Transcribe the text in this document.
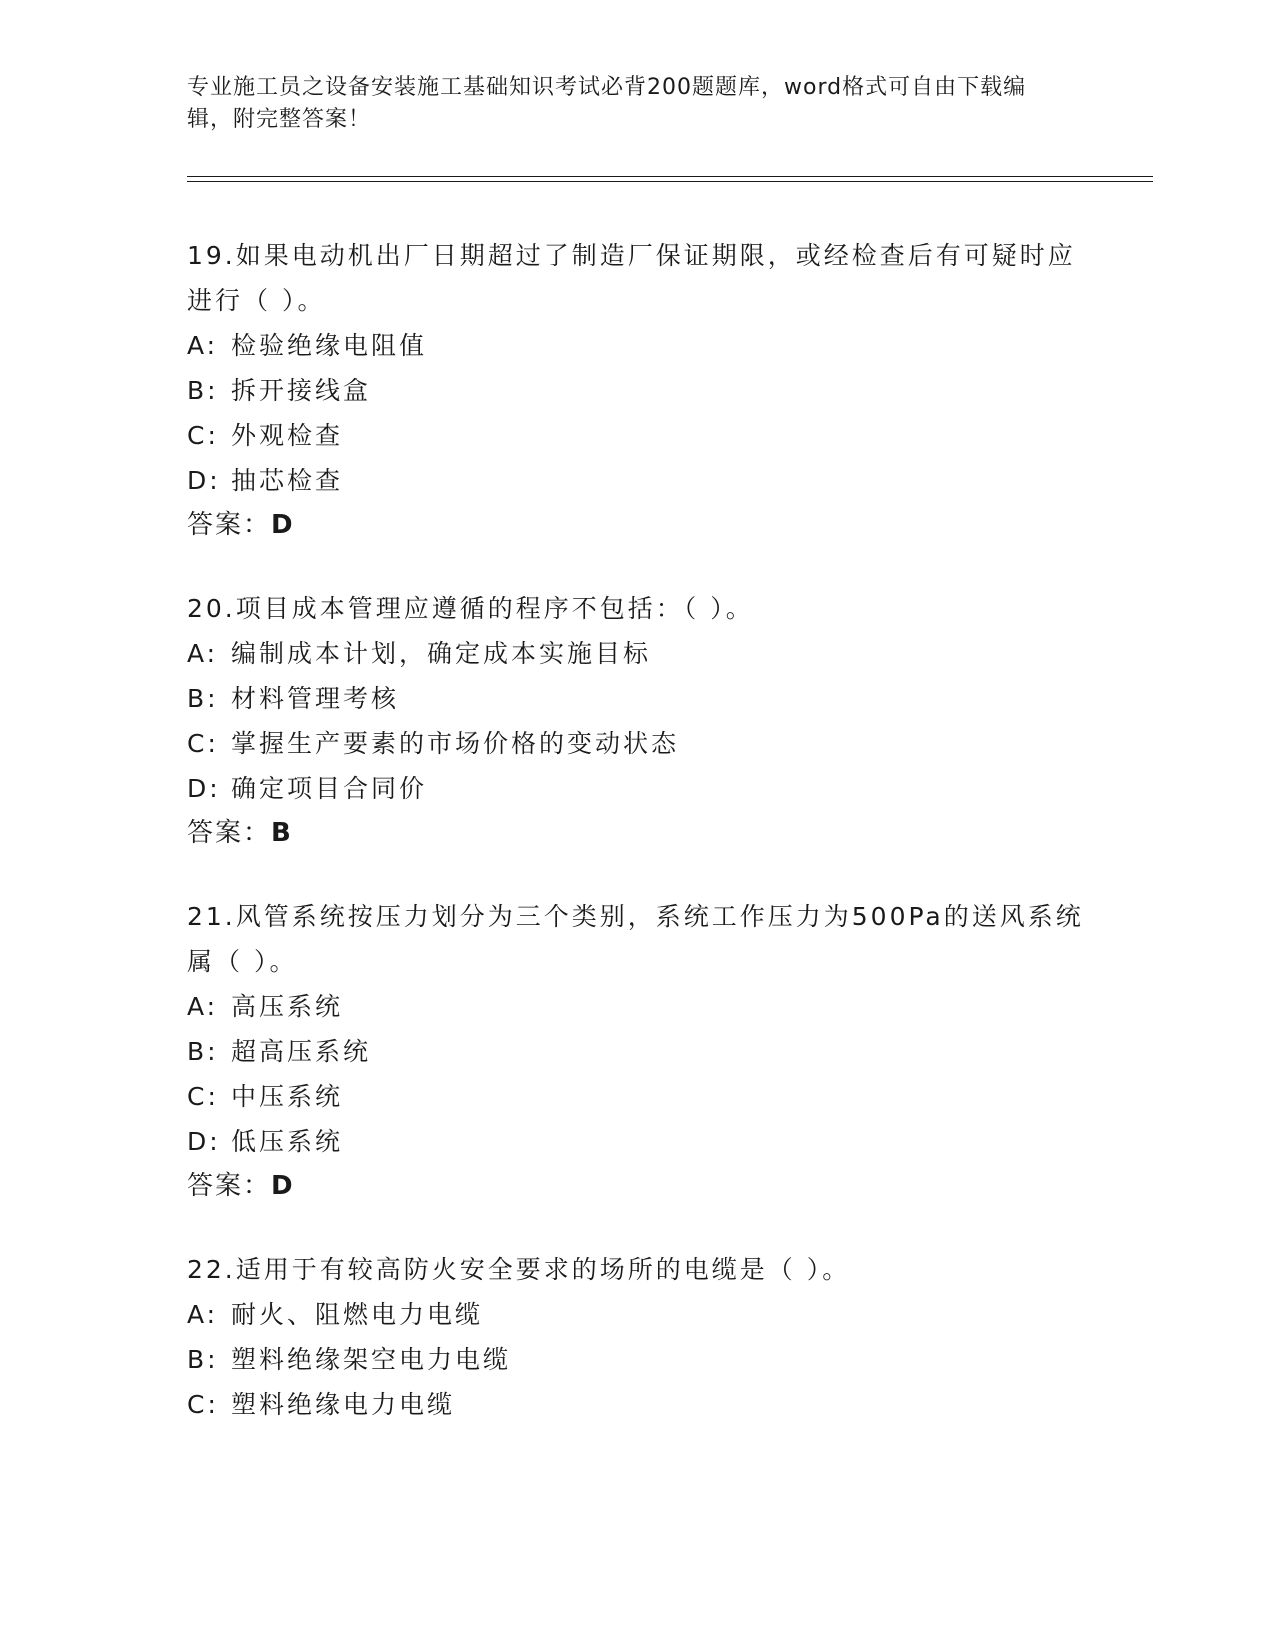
专业施工员之设备安装施工基础知识考试必背200题题库，word格式可自由下载编辑，附完整答案！

19.如果电动机出厂日期超过了制造厂保证期限，或经检查后有可疑时应进行（ ）。

A: 检验绝缘电阻值

B: 拆开接线盒

C: 外观检查

D: 抽芯检查

答案：D

20.项目成本管理应遵循的程序不包括：（ ）。

A: 编制成本计划，确定成本实施目标

B: 材料管理考核

C: 掌握生产要素的市场价格的变动状态

D: 确定项目合同价

答案：B

21.风管系统按压力划分为三个类别，系统工作压力为500Pa的送风系统属（ ）。

A: 高压系统

B: 超高压系统

C: 中压系统

D: 低压系统

答案：D

22.适用于有较高防火安全要求的场所的电缆是（ ）。

A: 耐火、阻燃电力电缆

B: 塑料绝缘架空电力电缆

C: 塑料绝缘电力电缆
